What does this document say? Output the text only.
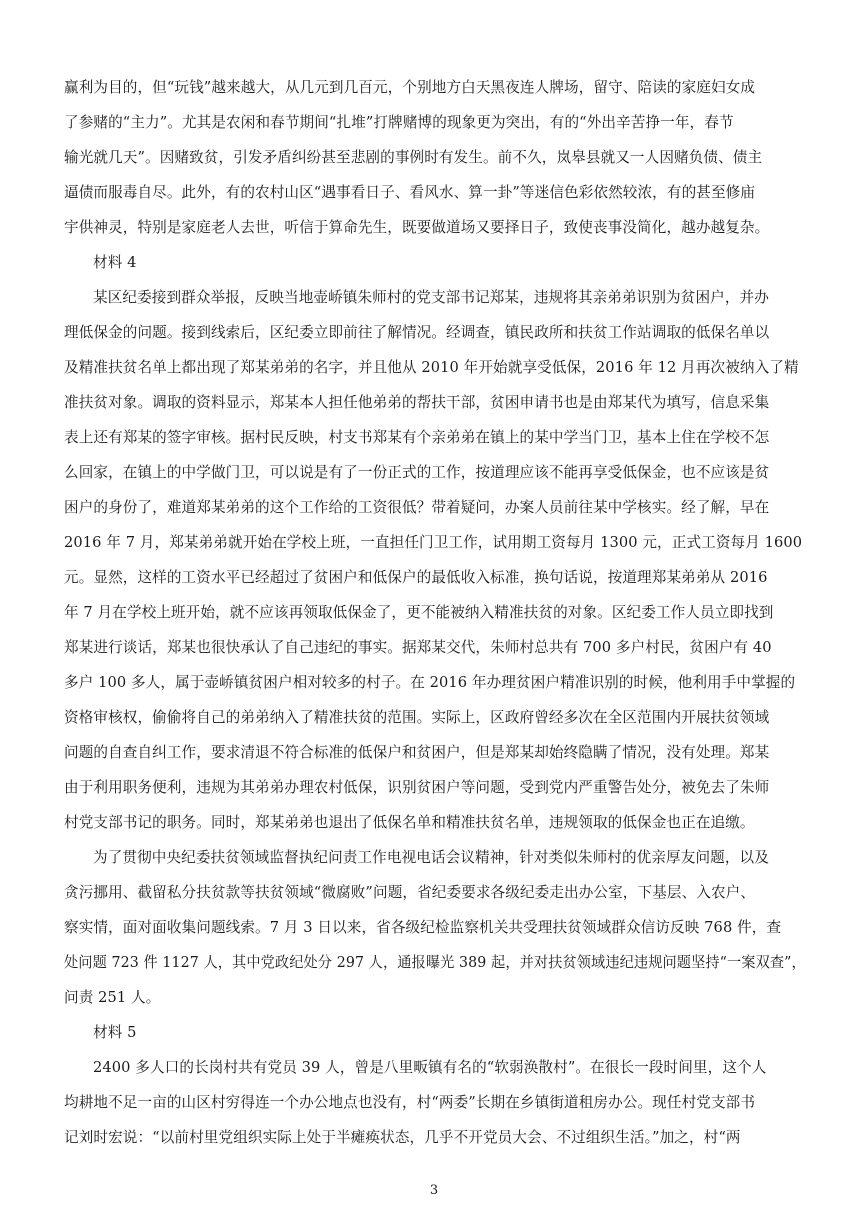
赢利为目的，但“玩钱”越来越大，从几元到几百元，个别地方白天黑夜连人牌场，留守、陪读的家庭妇女成
了参赌的“主力”。尤其是农闲和春节期间“扎堆”打牌赌博的现象更为突出，有的“外出辛苦挣一年，春节
输光就几天”。因赌致贫，引发矛盾纠纷甚至悲剧的事例时有发生。前不久，岚皋县就又一人因赌负债、债主
逼债而服毒自尽。此外，有的农村山区“遇事看日子、看风水、算一卦”等迷信色彩依然较浓，有的甚至修庙
宇供神灵，特别是家庭老人去世，听信于算命先生，既要做道场又要择日子，致使丧事没简化，越办越复杂。
材料 4
某区纪委接到群众举报，反映当地壶峤镇朱师村的党支部书记郑某，违规将其亲弟弟识别为贫困户，并办
理低保金的问题。接到线索后，区纪委立即前往了解情况。经调查，镇民政所和扶贫工作站调取的低保名单以
及精准扶贫名单上都出现了郑某弟弟的名字，并且他从 2010 年开始就享受低保，2016 年 12 月再次被纳入了精
准扶贫对象。调取的资料显示，郑某本人担任他弟弟的帮扶干部，贫困申请书也是由郑某代为填写，信息采集
表上还有郑某的签字审核。据村民反映，村支书郑某有个亲弟弟在镇上的某中学当门卫，基本上住在学校不怎
么回家，在镇上的中学做门卫，可以说是有了一份正式的工作，按道理应该不能再享受低保金，也不应该是贫
困户的身份了，难道郑某弟弟的这个工作给的工资很低？带着疑问，办案人员前往某中学核实。经了解，早在
2016 年 7 月，郑某弟弟就开始在学校上班，一直担任门卫工作，试用期工资每月 1300 元，正式工资每月 1600
元。显然，这样的工资水平已经超过了贫困户和低保户的最低收入标准，换句话说，按道理郑某弟弟从 2016
年 7 月在学校上班开始，就不应该再领取低保金了，更不能被纳入精准扶贫的对象。区纪委工作人员立即找到
郑某进行谈话，郑某也很快承认了自己违纪的事实。据郑某交代，朱师村总共有 700 多户村民，贫困户有 40
多户 100 多人，属于壶峤镇贫困户相对较多的村子。在 2016 年办理贫困户精准识别的时候，他利用手中掌握的
资格审核权，偷偷将自己的弟弟纳入了精准扶贫的范围。实际上，区政府曾经多次在全区范围内开展扶贫领域
问题的自查自纠工作，要求清退不符合标准的低保户和贫困户，但是郑某却始终隐瞒了情况，没有处理。郑某
由于利用职务便利，违规为其弟弟办理农村低保，识别贫困户等问题，受到党内严重警告处分，被免去了朱师
村党支部书记的职务。同时，郑某弟弟也退出了低保名单和精准扶贫名单，违规领取的低保金也正在追缴。
为了贯彻中央纪委扶贫领域监督执纪问责工作电视电话会议精神，针对类似朱师村的优亲厚友问题，以及
贪污挪用、截留私分扶贫款等扶贫领域“微腐败”问题，省纪委要求各级纪委走出办公室，下基层、入农户、
察实情，面对面收集问题线索。7 月 3 日以来，省各级纪检监察机关共受理扶贫领域群众信访反映 768 件，查
处问题 723 件 1127 人，其中党政纪处分 297 人，通报曝光 389 起，并对扶贫领域违纪违规问题坚持“一案双查”，
问责 251 人。
材料 5
2400 多人口的长岗村共有党员 39 人，曾是八里畈镇有名的“软弱涣散村”。在很长一段时间里，这个人
均耕地不足一亩的山区村穷得连一个办公地点也没有，村“两委”长期在乡镇街道租房办公。现任村党支部书
记刘时宏说：“以前村里党组织实际上处于半瘫痪状态，几乎不开党员大会、不过组织生活。”加之，村“两
3
